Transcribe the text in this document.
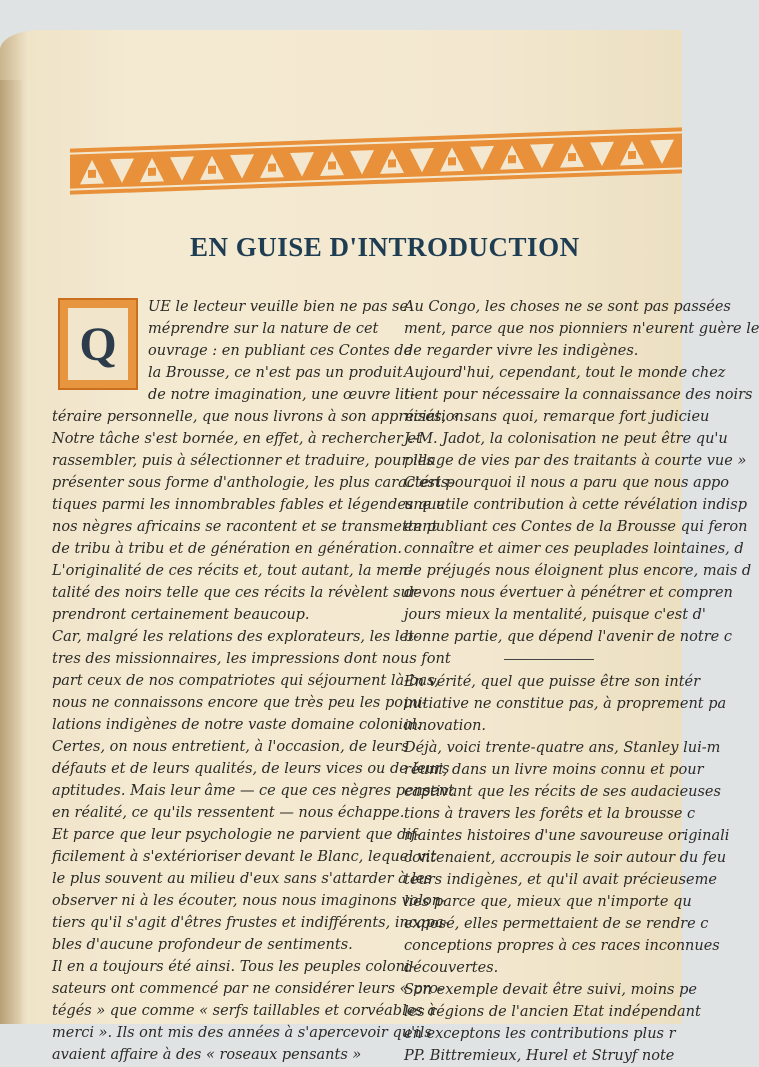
EN GUISE D'INTRODUCTION
Q

UE le lecteur veuille bien ne pas se

méprendre sur la nature de cet

ouvrage : en publiant ces Contes de

la Brousse, ce n'est pas un produit

de notre imagination, une œuvre lit-

téraire personnelle, que nous livrons à son appréciation.

Notre tâche s'est bornée, en effet, à rechercher et

rassembler, puis à sélectionner et traduire, pour les

présenter sous forme d'anthologie, les plus caractéris-

tiques parmi les innombrables fables et légendes que

nos nègres africains se racontent et se transmettent

de tribu à tribu et de génération en génération.

L'originalité de ces récits et, tout autant, la men-

talité des noirs telle que ces récits la révèlent sur-

prendront certainement beaucoup.

Car, malgré les relations des explorateurs, les let-

tres des missionnaires, les impressions dont nous font

part ceux de nos compatriotes qui séjournent là-bas,

nous ne connaissons encore que très peu les popu-

lations indigènes de notre vaste domaine colonial.

Certes, on nous entretient, à l'occasion, de leurs

défauts et de leurs qualités, de leurs vices ou de leurs

aptitudes. Mais leur âme — ce que ces nègres pensent

en réalité, ce qu'ils ressentent — nous échappe.

Et parce que leur psychologie ne parvient que dif-

ficilement à s'extérioriser devant le Blanc, lequel vit

le plus souvent au milieu d'eux sans s'attarder à les

observer ni à les écouter, nous nous imaginons volon-

tiers qu'il s'agit d'êtres frustes et indifférents, incapa-

bles d'aucune profondeur de sentiments.

Il en a toujours été ainsi. Tous les peuples coloni-

sateurs ont commencé par ne considérer leurs « pro-

tégés » que comme « serfs taillables et corvéables à

merci ». Ils ont mis des années à s'apercevoir qu'ils

avaient affaire à des « roseaux pensants »

Au Congo, les choses ne se sont pas passées

ment, parce que nos pionniers n'eurent guère le

de regarder vivre les indigènes.

Aujourd'hui, cependant, tout le monde chez

tient pour nécessaire la connaissance des noirs

nisés, « sans quoi, remarque fort judicieu

J.-M. Jadot, la colonisation ne peut être qu'u

pillage de vies par des traitants à courte vue »

C'est pourquoi il nous a paru que nous appo

une utile contribution à cette révélation indisp

en publiant ces Contes de la Brousse qui feron

connaître et aimer ces peuplades lointaines, d

de préjugés nous éloignent plus encore, mais d

devons nous évertuer à pénétrer et compren

jours mieux la mentalité, puisque c'est d'

bonne partie, que dépend l'avenir de notre c

En vérité, quel que puisse être son intér

initiative ne constitue pas, à proprement pa

innovation.

Déjà, voici trente-quatre ans, Stanley lui-m

réuni, dans un livre moins connu et pour

captivant que les récits de ses audacieuses

tions à travers les forêts et la brousse c

maintes histoires d'une savoureuse originali

contenaient, accroupis le soir autour du feu

teurs indigènes, et qu'il avait précieuseme

lies parce que, mieux que n'importe qu

exposé, elles permettaient de se rendre c

conceptions propres à ces races inconnues

découvertes.

Son exemple devait être suivi, moins pe

les régions de l'ancien Etat indépendant

en exceptons les contributions plus r

PP. Bittremieux, Hurel et Struyf note
